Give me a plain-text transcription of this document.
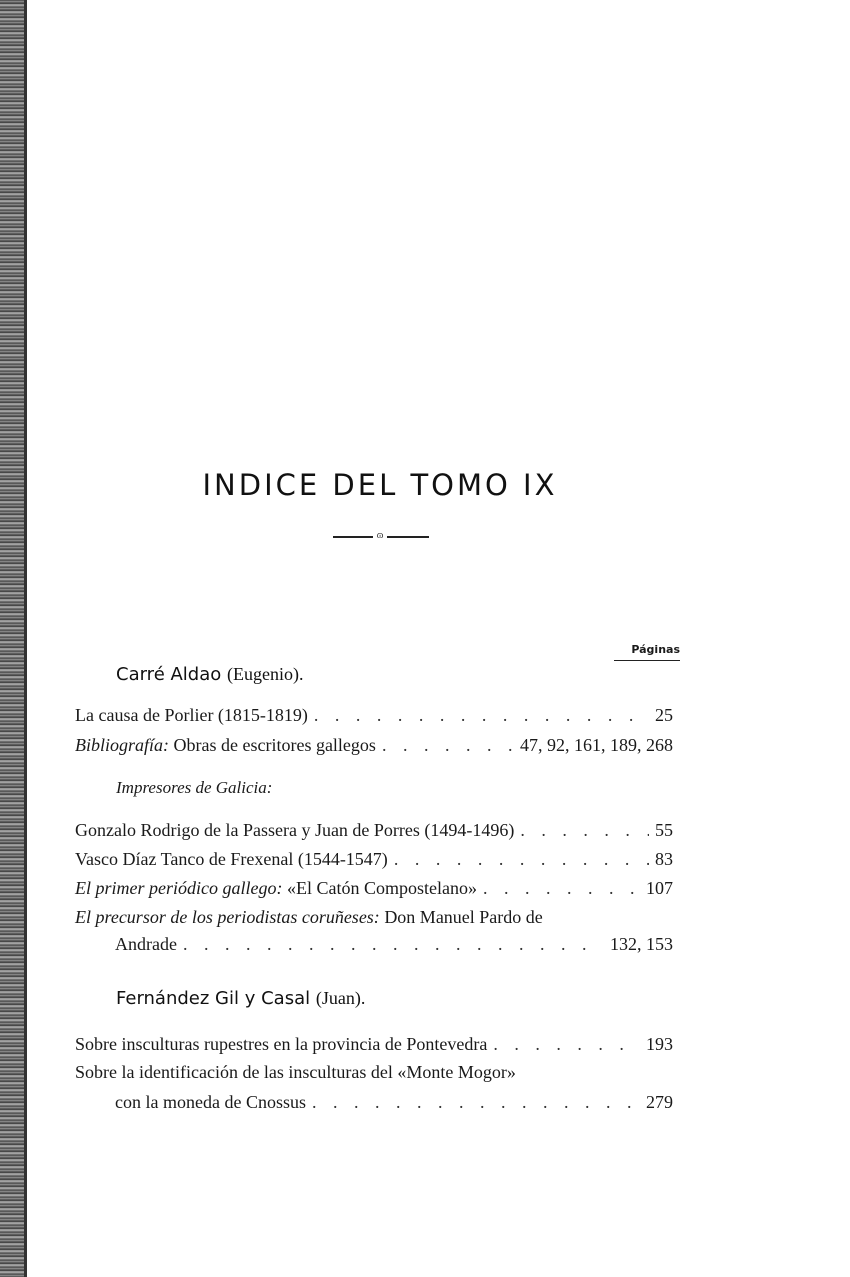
INDICE DEL TOMO IX
ɷ
Páginas
Carré Aldao (Eugenio).
La causa de Porlier (1815-1819) . . .	25
Bibliografía: Obras de escritores gallegos . . .	47, 92, 161, 189, 268
Impresores de Galicia:
Gonzalo Rodrigo de la Passera y Juan de Porres (1494-1496) . . .	55
Vasco Díaz Tanco de Frexenal (1544-1547) . . .	83
El primer periódico gallego: «El Catón Compostelano» . . .	107
El precursor de los periodistas coruñeses: Don Manuel Pardo de
Andrade . . .	132, 153
Fernández Gil y Casal (Juan).
Sobre insculturas rupestres en la provincia de Pontevedra . . .	193
Sobre la identificación de las insculturas del «Monte Mogor»
con la moneda de Cnossus . . .	279
